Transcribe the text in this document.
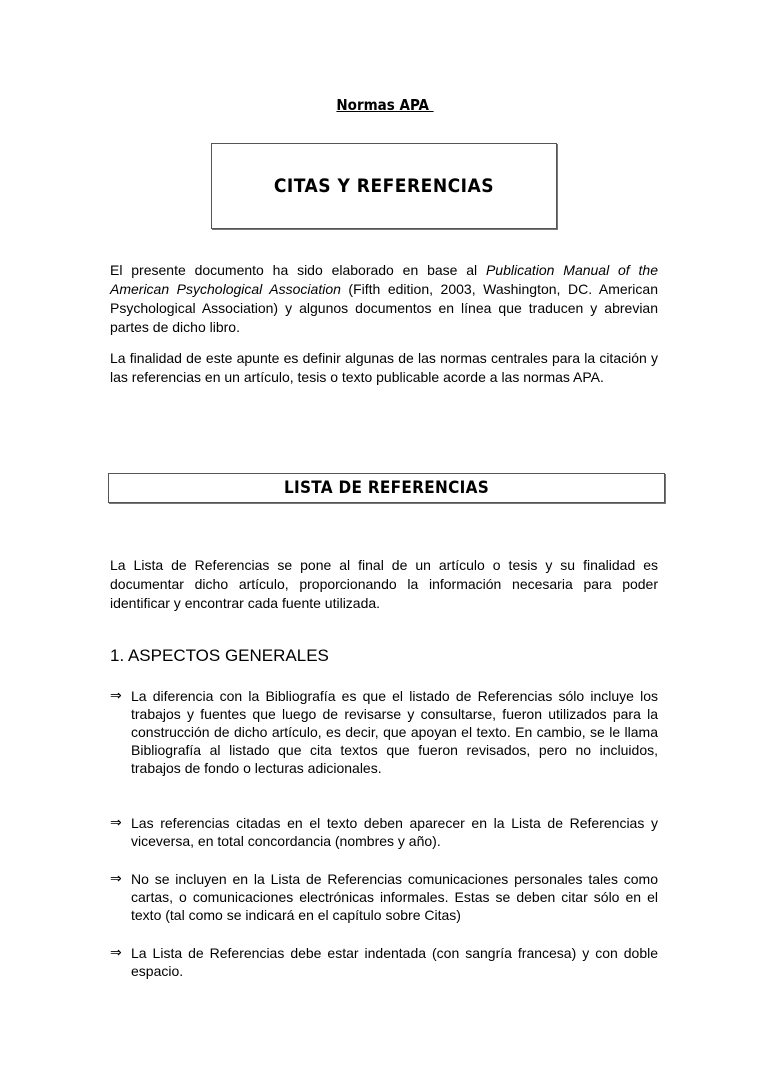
Normas APA

CITAS Y REFERENCIAS

El presente documento ha sido elaborado en base al Publication Manual of the American Psychological Association (Fifth edition, 2003, Washington, DC. American Psychological Association) y algunos documentos en línea que traducen y abrevian partes de dicho libro.

La finalidad de este apunte es definir algunas de las normas centrales para la citación y las referencias en un artículo, tesis o texto publicable acorde a las normas APA.

LISTA DE REFERENCIAS

La Lista de Referencias se pone al final de un artículo o tesis y su finalidad es documentar dicho artículo, proporcionando la información necesaria para poder identificar y encontrar cada fuente utilizada.

1. ASPECTOS GENERALES
⇒ La diferencia con la Bibliografía es que el listado de Referencias sólo incluye los trabajos y fuentes que luego de revisarse y consultarse, fueron utilizados para la construcción de dicho artículo, es decir, que apoyan el texto. En cambio, se le llama Bibliografía al listado que cita textos que fueron revisados, pero no incluidos, trabajos de fondo o lecturas adicionales.

⇒ Las referencias citadas en el texto deben aparecer en la Lista de Referencias y viceversa, en total concordancia (nombres y año).

⇒ No se incluyen en la Lista de Referencias comunicaciones personales tales como cartas, o comunicaciones electrónicas informales. Estas se deben citar sólo en el texto (tal como se indicará en el capítulo sobre Citas)

⇒ La Lista de Referencias debe estar indentada (con sangría francesa) y con doble espacio.
